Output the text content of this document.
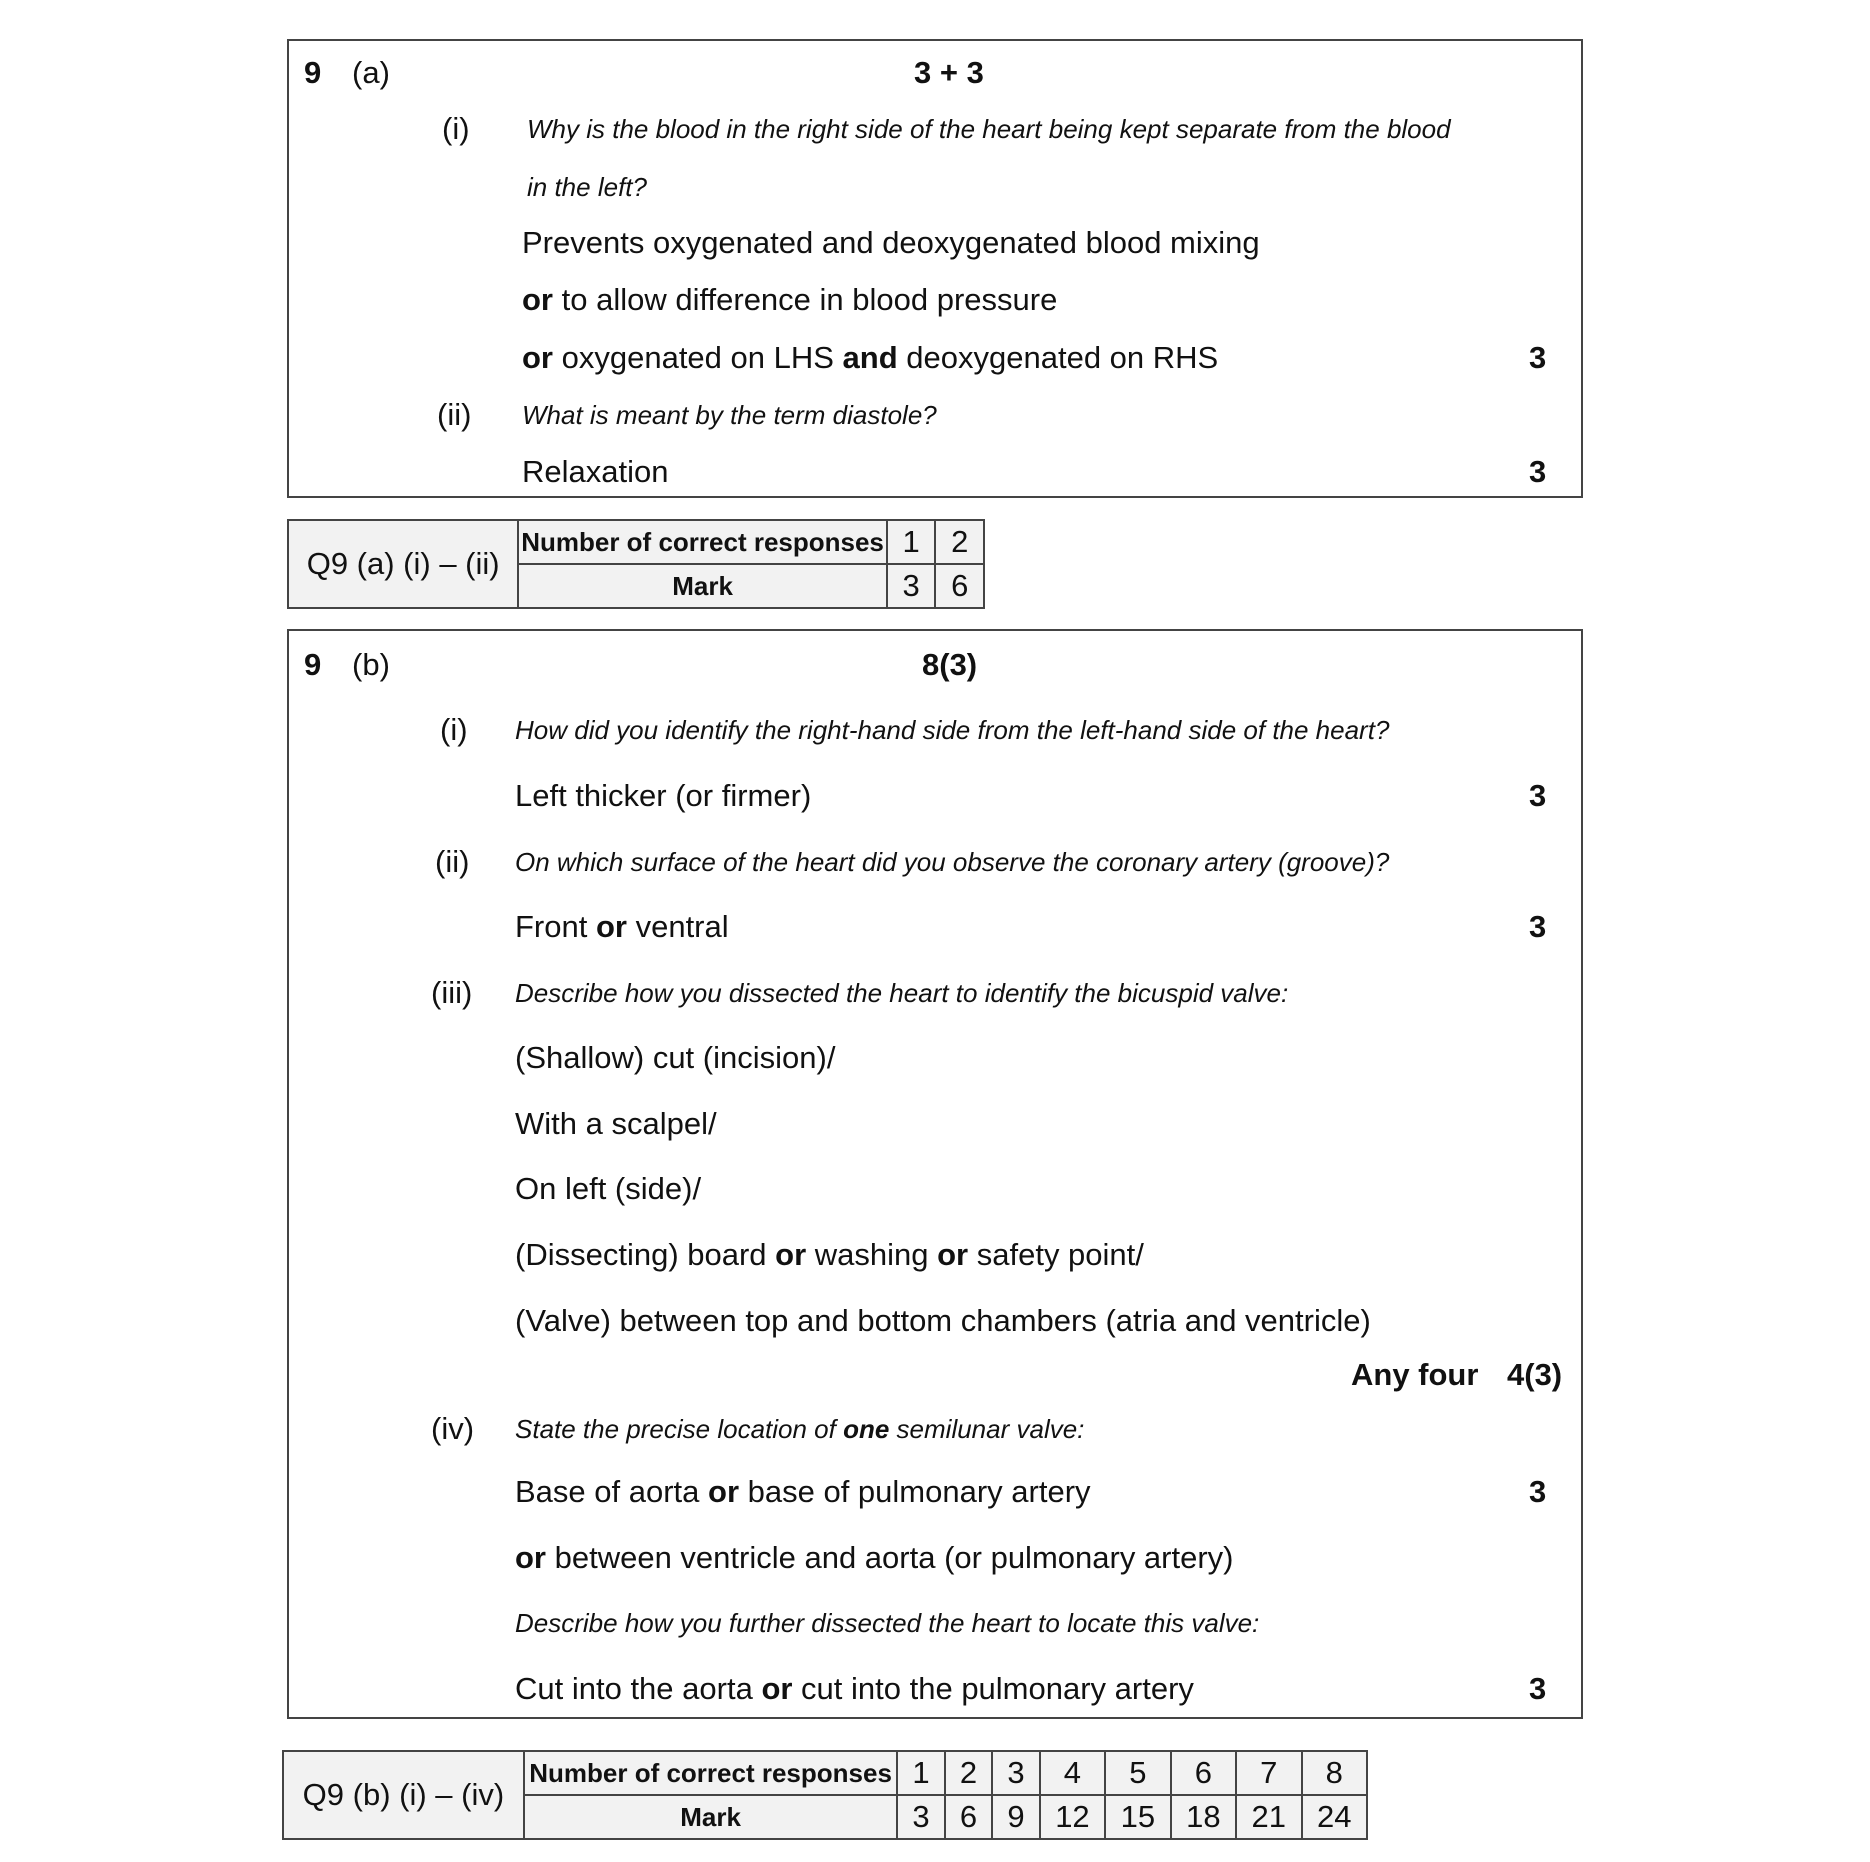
9 (a)	3 + 3
(i) Why is the blood in the right side of the heart being kept separate from the blood
in the left?
Prevents oxygenated and deoxygenated blood mixing
or to allow difference in blood pressure
or oxygenated on LHS and deoxygenated on RHS	3
(ii) What is meant by the term diastole?
Relaxation	3
Q9 (a) (i) – (ii)	Number of correct responses	1	2
	Mark	3	6
9 (b)	8(3)
(i) How did you identify the right-hand side from the left-hand side of the heart?
Left thicker (or firmer)	3
(ii) On which surface of the heart did you observe the coronary artery (groove)?
Front or ventral	3
(iii) Describe how you dissected the heart to identify the bicuspid valve:
(Shallow) cut (incision)/
With a scalpel/
On left (side)/
(Dissecting) board or washing or safety point/
(Valve) between top and bottom chambers (atria and ventricle)
Any four 4(3)
(iv) State the precise location of one semilunar valve:
Base of aorta or base of pulmonary artery	3
or between ventricle and aorta (or pulmonary artery)
Describe how you further dissected the heart to locate this valve:
Cut into the aorta or cut into the pulmonary artery	3
Q9 (b) (i) – (iv)	Number of correct responses	1	2	3	4	5	6	7	8
	Mark	3	6	9	12	15	18	21	24
